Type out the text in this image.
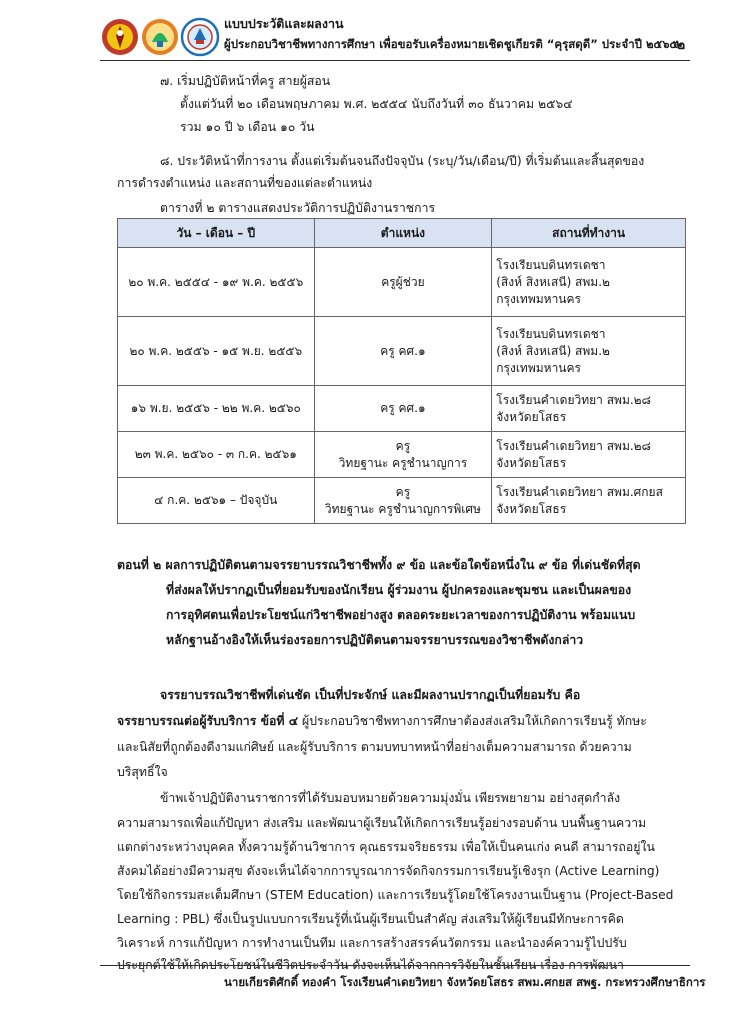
แบบประวัติและผลงาน
ผู้ประกอบวิชาชีพทางการศึกษา เพื่อขอรับเครื่องหมายเชิดชูเกียรติ “คุรุสดุดี” ประจำปี ๒๕๖๕
๒
๗. เริ่มปฏิบัติหน้าที่ครู สายผู้สอน
ตั้งแต่วันที่ ๒๐ เดือนพฤษภาคม พ.ศ. ๒๕๕๔ นับถึงวันที่ ๓๐ ธันวาคม ๒๕๖๔
รวม ๑๐ ปี ๖ เดือน ๑๐ วัน
๘. ประวัติหน้าที่การงาน ตั้งแต่เริ่มต้นจนถึงปัจจุบัน (ระบุ/วัน/เดือน/ปี) ที่เริ่มต้นและสิ้นสุดของ
การดำรงตำแหน่ง และสถานที่ของแต่ละตำแหน่ง
ตารางที่ ๒ ตารางแสดงประวัติการปฏิบัติงานราชการ
วัน – เดือน – ปี	ตำแหน่ง	สถานที่ทำงาน
๒๐ พ.ค. ๒๕๕๔ - ๑๙ พ.ค. ๒๕๕๖	ครูผู้ช่วย	โรงเรียนบดินทรเดชา
(สิงห์ สิงหเสนี) สพม.๒
กรุงเทพมหานคร

๒๐ พ.ค. ๒๕๕๖ - ๑๕ พ.ย. ๒๕๕๖	ครู คศ.๑	โรงเรียนบดินทรเดชา
(สิงห์ สิงหเสนี) สพม.๒
กรุงเทพมหานคร

๑๖ พ.ย. ๒๕๕๖ - ๒๒ พ.ค. ๒๕๖๐	ครู คศ.๑	โรงเรียนคำเดยวิทยา สพม.๒๘
จังหวัดยโสธร

๒๓ พ.ค. ๒๕๖๐ - ๓ ก.ค. ๒๕๖๑	ครู
วิทยฐานะ ครูชำนาญการ	โรงเรียนคำเดยวิทยา สพม.๒๘
จังหวัดยโสธร

๔ ก.ค. ๒๕๖๑ – ปัจจุบัน	ครู
วิทยฐานะ ครูชำนาญการพิเศษ	โรงเรียนคำเดยวิทยา สพม.ศกยส
จังหวัดยโสธร
ตอนที่ ๒ ผลการปฏิบัติตนตามจรรยาบรรณวิชาชีพทั้ง ๙ ข้อ และข้อใดข้อหนึ่งใน ๙ ข้อ ที่เด่นชัดที่สุด
ที่ส่งผลให้ปรากฏเป็นที่ยอมรับของนักเรียน ผู้ร่วมงาน ผู้ปกครองและชุมชน และเป็นผลของ
การอุทิศตนเพื่อประโยชน์แก่วิชาชีพอย่างสูง ตลอดระยะเวลาของการปฏิบัติงาน พร้อมแนบ
หลักฐานอ้างอิงให้เห็นร่องรอยการปฏิบัติตนตามจรรยาบรรณของวิชาชีพดังกล่าว
จรรยาบรรณวิชาชีพที่เด่นชัด เป็นที่ประจักษ์ และมีผลงานปรากฏเป็นที่ยอมรับ คือ
จรรยาบรรณต่อผู้รับบริการ ข้อที่ ๔ ผู้ประกอบวิชาชีพทางการศึกษาต้องส่งเสริมให้เกิดการเรียนรู้ ทักษะ
และนิสัยที่ถูกต้องดีงามแก่ศิษย์ และผู้รับบริการ ตามบทบาทหน้าที่อย่างเต็มความสามารถ ด้วยความ
บริสุทธิ์ใจ
ข้าพเจ้าปฏิบัติงานราชการที่ได้รับมอบหมายด้วยความมุ่งมั่น เพียรพยายาม อย่างสุดกำลัง
ความสามารถเพื่อแก้ปัญหา ส่งเสริม และพัฒนาผู้เรียนให้เกิดการเรียนรู้อย่างรอบด้าน บนพื้นฐานความ
แตกต่างระหว่างบุคคล ทั้งความรู้ด้านวิชาการ คุณธรรมจริยธรรม เพื่อให้เป็นคนเก่ง คนดี สามารถอยู่ใน
สังคมได้อย่างมีความสุข ดังจะเห็นได้จากการบูรณาการจัดกิจกรรมการเรียนรู้เชิงรุก (Active Learning)
โดยใช้กิจกรรมสะเต็มศึกษา (STEM Education) และการเรียนรู้โดยใช้โครงงานเป็นฐาน (Project-Based
Learning : PBL) ซึ่งเป็นรูปแบบการเรียนรู้ที่เน้นผู้เรียนเป็นสำคัญ ส่งเสริมให้ผู้เรียนมีทักษะการคิด
วิเคราะห์ การแก้ปัญหา การทำงานเป็นทีม และการสร้างสรรค์นวัตกรรม และนำองค์ความรู้ไปปรับ
ประยุกต์ใช้ให้เกิดประโยชน์ในชีวิตประจำวัน ดังจะเห็นได้จากการวิจัยในชั้นเรียน เรื่อง การพัฒนา
นายเกียรติศักดิ์ ทองคำ โรงเรียนคำเดยวิทยา จังหวัดยโสธร สพม.ศกยส สพฐ. กระทรวงศึกษาธิการ
